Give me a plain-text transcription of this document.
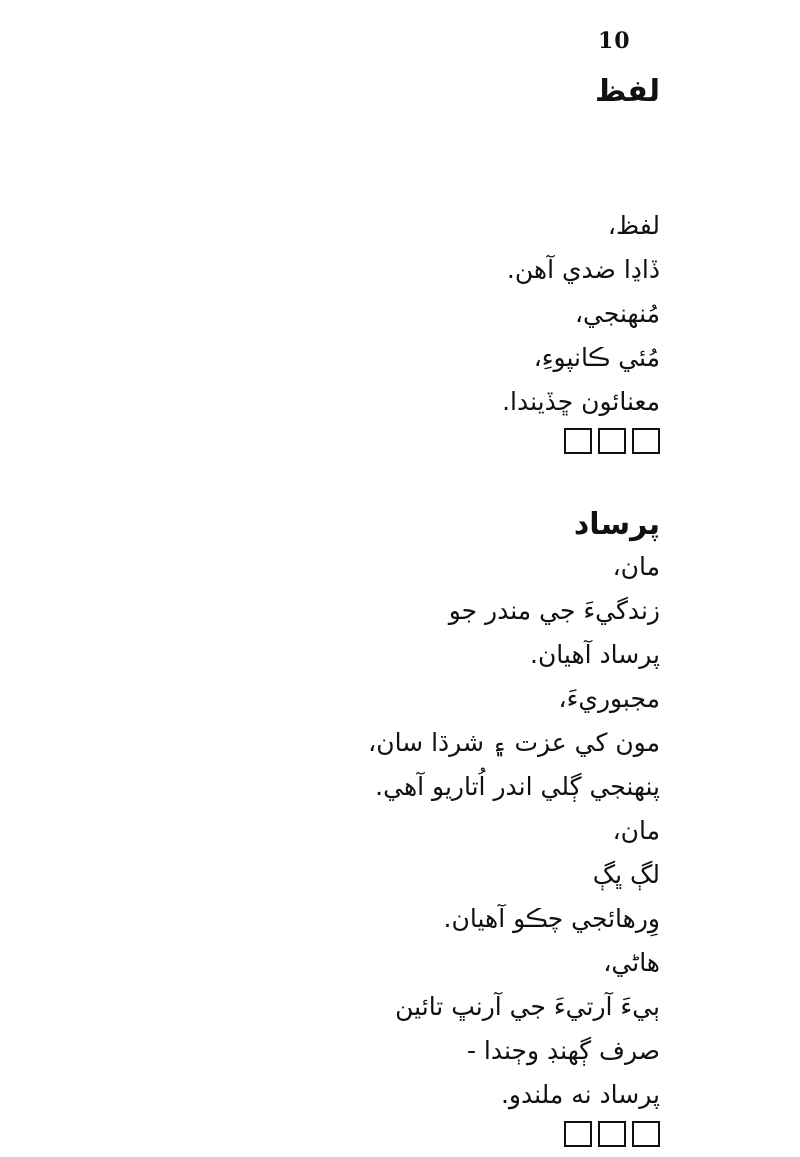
10
لفظ
لفظ،
ڏاڍا ضدي آهن.
مُنهنجي،
مُئي ڪانپوءِ،
معنائون ڇڏيندا.
پرساد
مان،
زندگيءَ جي مندر جو
پرساد آهيان.
مجبوريءَ،
مون کي عزت ۽ شرڌا سان،
پنهنجي ڳلي اندر اُتاريو آهي.
مان،
لڳ ڀڳ
وِرهائجي چڪو آهيان.
هاڻي،
ٻيءَ آرتيءَ جي آرنڀ تائين
صرف ڳهنڊ وڄندا -
پرساد نه ملندو.
